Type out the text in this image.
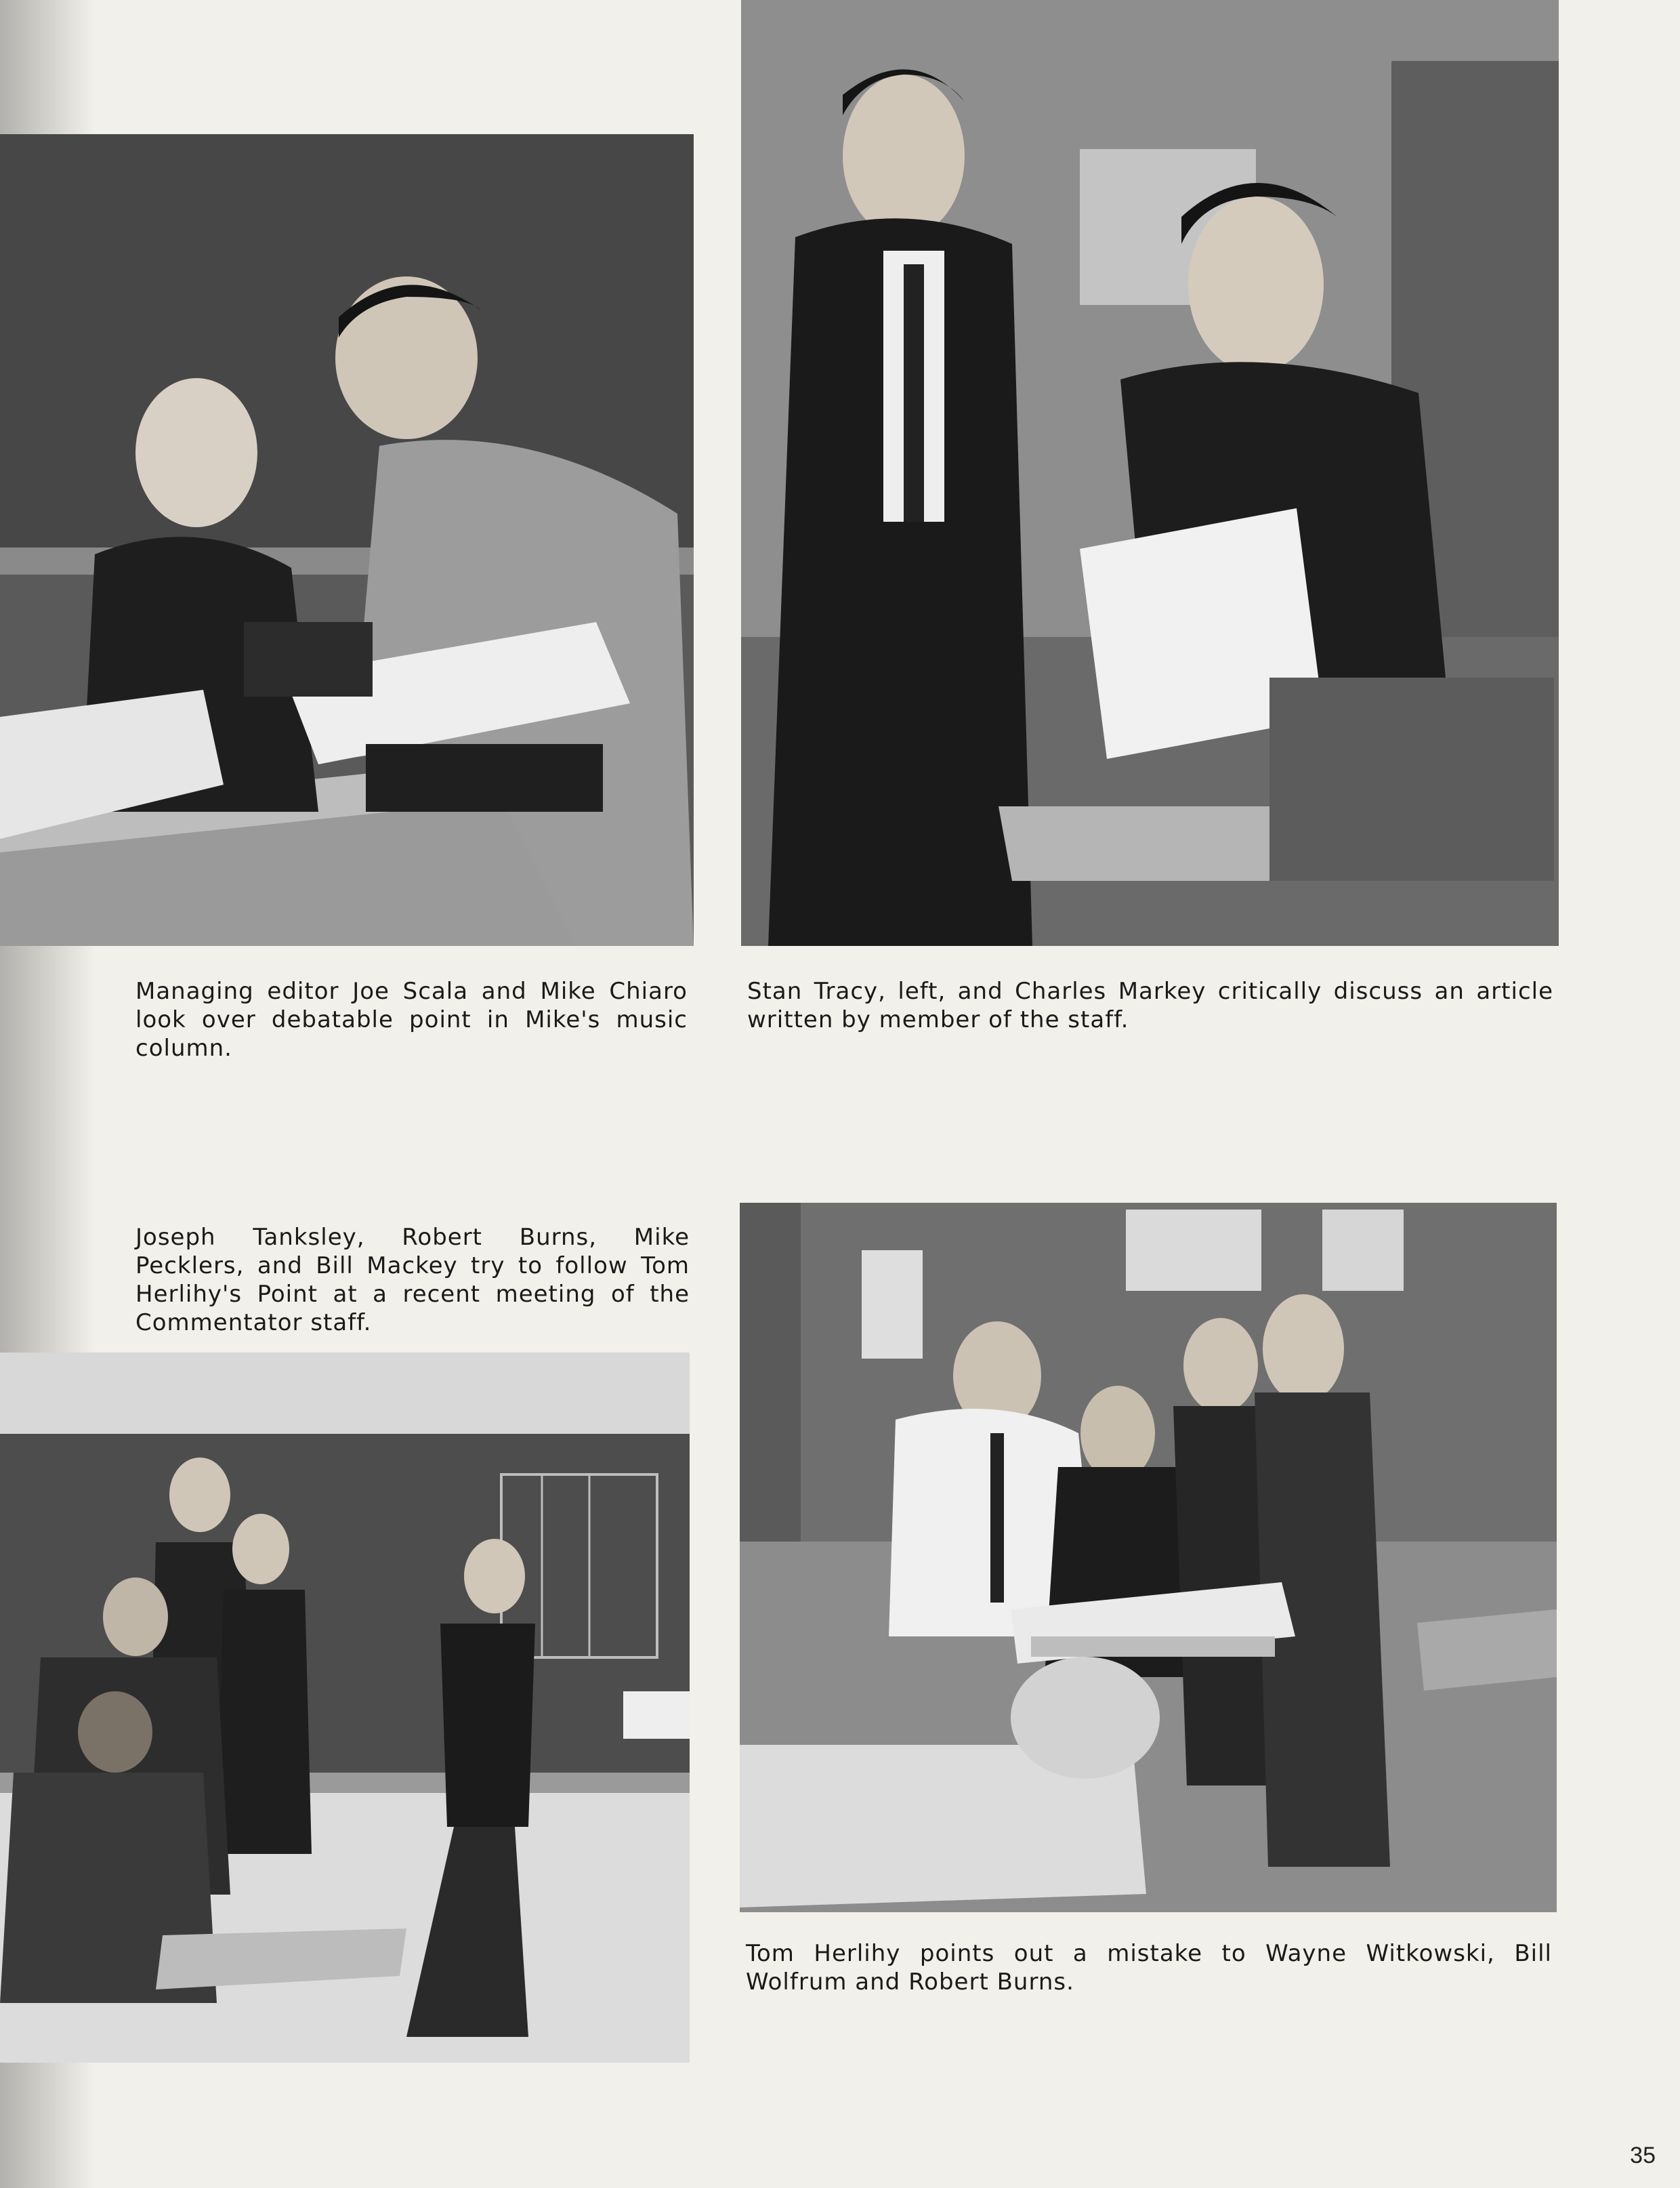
Managing editor Joe Scala and Mike Chiaro look over debatable point in Mike's music column.

Stan Tracy, left, and Charles Markey critically discuss an article written by member of the staff.

Joseph Tanksley, Robert Burns, Mike Pecklers, and Bill Mackey try to follow Tom Herlihy's Point at a recent meeting of the Commentator staff.

Tom Herlihy points out a mistake to Wayne Witkowski, Bill Wolfrum and Robert Burns.

35
